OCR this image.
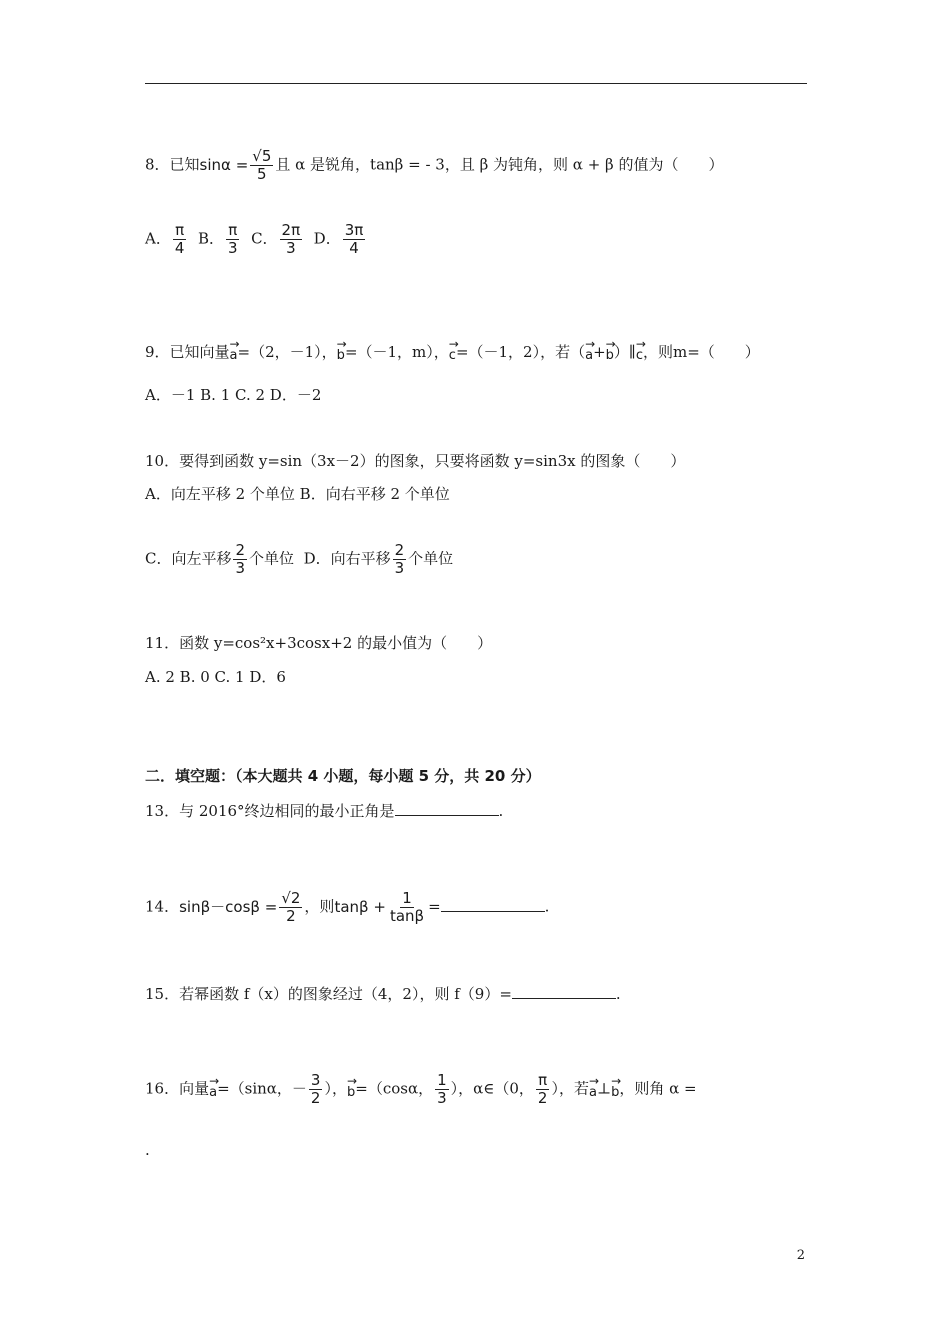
8．已知$\sin\alpha = \frac{√5}{5}$ 且 α 是锐角，tanβ = - 3，且 β 为钝角，则 α + β 的值为（　　）
A． $\frac{\pi}{4}$ B． $\frac{\pi}{3}$ C． $\frac{2\pi}{3}$ D． $\frac{3\pi}{4}$
9．已知向量→ a=（2，－1），→ b=（－1，m），→ c=（－1，2），若（→ a+→ b）∥→ c，则m=（　　）
A．－1 B. 1 C. 2 D．－2
10．要得到函数 y=sin（3x－2）的图象，只要将函数 y=sin3x 的图象（　　）
A．向左平移 2 个单位 B．向右平移 2 个单位
C．向左平移 $\frac{2}{3}$ 个单位 D．向右平移 $\frac{2}{3}$ 个单位
11．函数 y=cos²x+3cosx+2 的最小值为（　　）
A. 2 B. 0 C. 1 D．6
二．填空题：（本大题共 4 小题，每小题 5 分，共 20 分）
13．与 2016°终边相同的最小正角是	.
14．$\sin\beta-\cos\beta = \frac{√2}{2}$ ，则$\tan\beta + \frac{1}{\tan\beta}$ =	.
15．若幂函数 f（x）的图象经过（4，2），则 f（9）=	.
16．向量→ a=（sinα，－ $\frac{3}{2}$ ），→ b=（cosα， $\frac{1}{3}$ ），α∈（0， $\frac{\pi}{2}$ ），若→ a⊥→ b，则角 α =
.
2
